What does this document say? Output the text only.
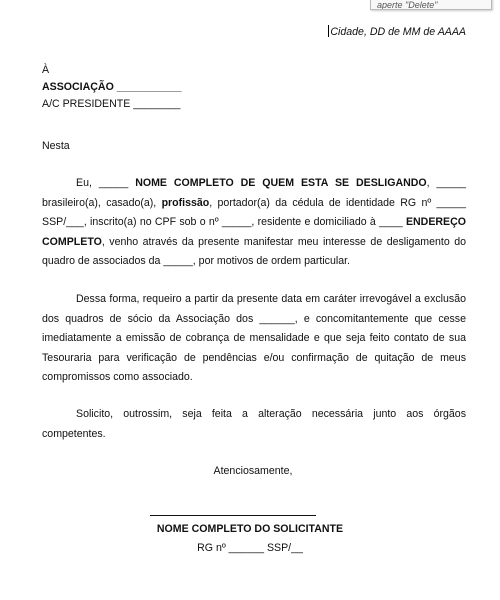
aperte "Delete"
Cidade, DD de MM de AAAA
À
ASSOCIAÇÃO ___________
A/C PRESIDENTE ________
Nesta
Eu, _____ NOME COMPLETO DE QUEM ESTA SE DESLIGANDO, _____ brasileiro(a), casado(a), profissão, portador(a) da cédula de identidade RG nº _____ SSP/___, inscrito(a) no CPF sob o nº _____, residente e domiciliado à ____ ENDEREÇO COMPLETO, venho através da presente manifestar meu interesse de desligamento do quadro de associados da _____, por motivos de ordem particular.
Dessa forma, requeiro a partir da presente data em caráter irrevogável a exclusão dos quadros de sócio da Associação dos ______, e concomitantemente que cesse imediatamente a emissão de cobrança de mensalidade e que seja feito contato de sua Tesouraria para verificação de pendências e/ou confirmação de quitação de meus compromissos como associado.
Solicito, outrossim, seja feita a alteração necessária junto aos órgãos competentes.
Atenciosamente,
NOME COMPLETO DO SOLICITANTE
RG nº ______ SSP/__
